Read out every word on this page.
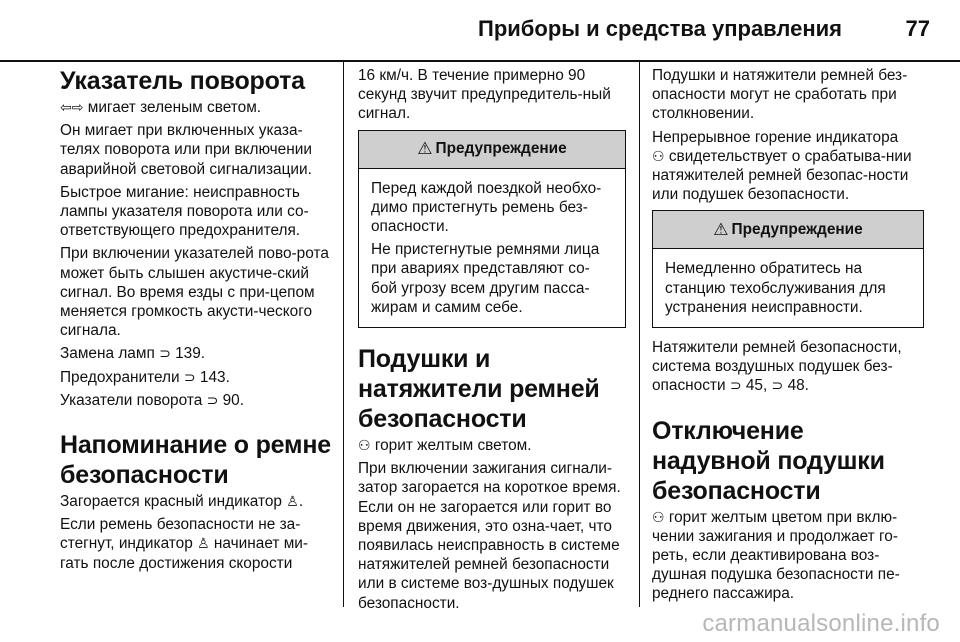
Приборы и средства управления	77
Указатель поворота

⇦⇨ мигает зеленым светом.

Он мигает при включенных указа-телях поворота или при включении аварийной световой сигнализации.

Быстрое мигание: неисправность лампы указателя поворота или со-ответствующего предохранителя.

При включении указателей пово-рота может быть слышен акустиче-ский сигнал. Во время езды с при-цепом меняется громкость акусти-ческого сигнала.

Замена ламп ⊃ 139.

Предохранители ⊃ 143.

Указатели поворота ⊃ 90.

Напоминание о ремне безопасности

Загорается красный индикатор ♙.

Если ремень безопасности не за-стегнут, индикатор ♙ начинает ми-гать после достижения скорости

16 км/ч. В течение примерно 90 секунд звучит предупредитель-ный сигнал.

⚠ Предупреждение

Перед каждой поездкой необхо-димо пристегнуть ремень без-опасности.

Не пристегнутые ремнями лица при авариях представляют со-бой угрозу всем другим пасса-жирам и самим себе.

Подушки и натяжители ремней безопасности

⚇ горит желтым светом.

При включении зажигания сигнали-затор загорается на короткое время. Если он не загорается или горит во время движения, это озна-чает, что появилась неисправность в системе натяжителей ремней безопасности или в системе воз-душных подушек безопасности.

Подушки и натяжители ремней без-опасности могут не сработать при столкновении.

Непрерывное горение индикатора
⚇ свидетельствует о срабатыва-нии натяжителей ремней безопас-ности или подушек безопасности.

⚠ Предупреждение

Немедленно обратитесь на станцию техобслуживания для устранения неисправности.

Натяжители ремней безопасности, система воздушных подушек без-опасности ⊃ 45, ⊃ 48.

Отключение надувной подушки безопасности

⚇ горит желтым цветом при вклю-чении зажигания и продолжает го-реть, если деактивирована воз-душная подушка безопасности пе-реднего пассажира.

carmanualsonline.info
